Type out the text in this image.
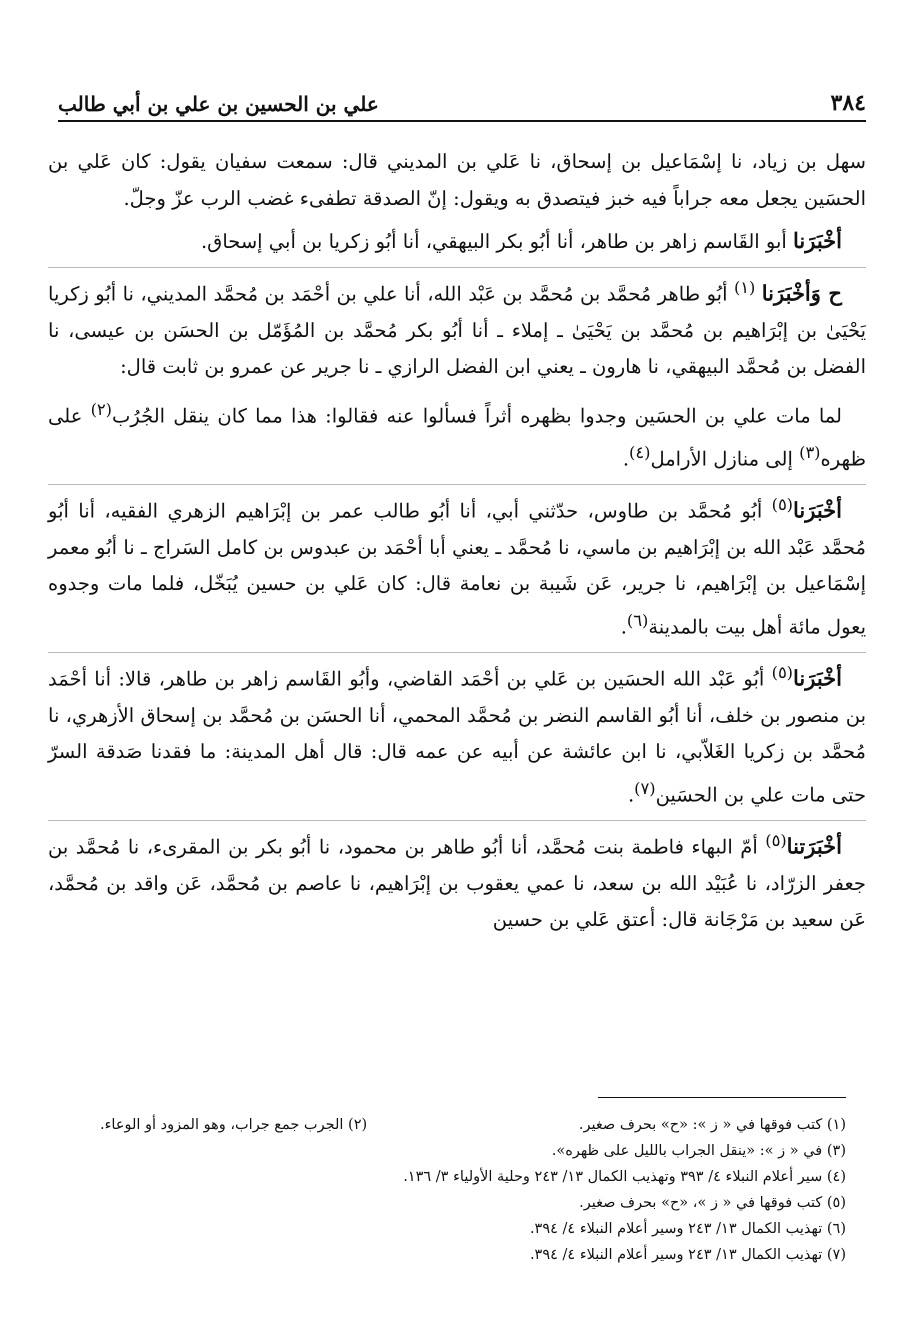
٣٨٤
علي بن الحسين بن علي بن أبي طالب

سهل بن زياد، نا إسْمَاعيل بن إسحاق، نا عَلي بن المديني قال: سمعت سفيان يقول: كان عَلي بن الحسَين يجعل معه جراباً فيه خبز فيتصدق به ويقول: إنّ الصدقة تطفىء غضب الرب عزّ وجلّ.

أخْبَرَنا أبو القَاسم زاهر بن طاهر، أنا أبُو بكر البيهقي، أنا أبُو زكريا بن أبي إسحاق.

ح وَأخْبَرَنا $^{(١)}$ أبُو طاهر مُحمَّد بن مُحمَّد بن عَبْد الله، أنا علي بن أحْمَد بن مُحمَّد المديني، نا أبُو زكريا يَحْيَىٰ بن إبْرَاهيم بن مُحمَّد بن يَحْيَىٰ ـ إملاء ـ أنا أبُو بكر مُحمَّد بن المُؤَمّل بن الحسَن بن عيسى، نا الفضل بن مُحمَّد البيهقي، نا هارون ـ يعني ابن الفضل الرازي ـ نا جرير عن عمرو بن ثابت قال:

لما مات علي بن الحسَين وجدوا بظهره أثراً فسألوا عنه فقالوا: هذا مما كان ينقل الجُرُب$^{(٢)}$ على ظهره$^{(٣)}$ إلى منازل الأرامل$^{(٤)}$.

أخْبَرَنا$^{(٥)}$ أبُو مُحمَّد بن طاوس، حدّثني أبي، أنا أبُو طالب عمر بن إبْرَاهيم الزهري الفقيه، أنا أبُو مُحمَّد عَبْد الله بن إبْرَاهيم بن ماسي، نا مُحمَّد ـ يعني أبا أحْمَد بن عبدوس بن كامل السَراج ـ نا أبُو معمر إسْمَاعيل بن إبْرَاهيم، نا جرير، عَن شَيبة بن نعامة قال: كان عَلي بن حسين يُبَخّل، فلما مات وجدوه يعول مائة أهل بيت بالمدينة$^{(٦)}$.

أخْبَرَنا$^{(٥)}$ أبُو عَبْد الله الحسَين بن عَلي بن أحْمَد القاضي، وأبُو القَاسم زاهر بن طاهر، قالا: أنا أحْمَد بن منصور بن خلف، أنا أبُو القاسم النضر بن مُحمَّد المحمي، أنا الحسَن بن مُحمَّد بن إسحاق الأزهري، نا مُحمَّد بن زكريا الغَلاّبي، نا ابن عائشة عن أبيه عن عمه قال: قال أهل المدينة: ما فقدنا صَدقة السرّ حتى مات علي بن الحسَين$^{(٧)}$.

أخْبَرَتنا$^{(٥)}$ أمّ البهاء فاطمة بنت مُحمَّد، أنا أبُو طاهر بن محمود، نا أبُو بكر بن المقرىء، نا مُحمَّد بن جعفر الزرّاد، نا عُبَيْد الله بن سعد، نا عمي يعقوب بن إبْرَاهيم، نا عاصم بن مُحمَّد، عَن واقد بن مُحمَّد، عَن سعيد بن مَرْجَانة قال: أعتق عَلي بن حسين

(١) كتب فوقها في « ز »: «ح» بحرف صغير.
(٢) الجرب جمع جراب، وهو المزود أو الوعاء.
(٣) في « ز »: «ينقل الجراب بالليل على ظهره».
(٤) سير أعلام النبلاء ٤/ ٣٩٣ وتهذيب الكمال ١٣/ ٢٤٣ وحلية الأولياء ٣/ ١٣٦.
(٥) كتب فوقها في « ز »، «ح» بحرف صغير.
(٦) تهذيب الكمال ١٣/ ٢٤٣ وسير أعلام النبلاء ٤/ ٣٩٤.
(٧) تهذيب الكمال ١٣/ ٢٤٣ وسير أعلام النبلاء ٤/ ٣٩٤.
